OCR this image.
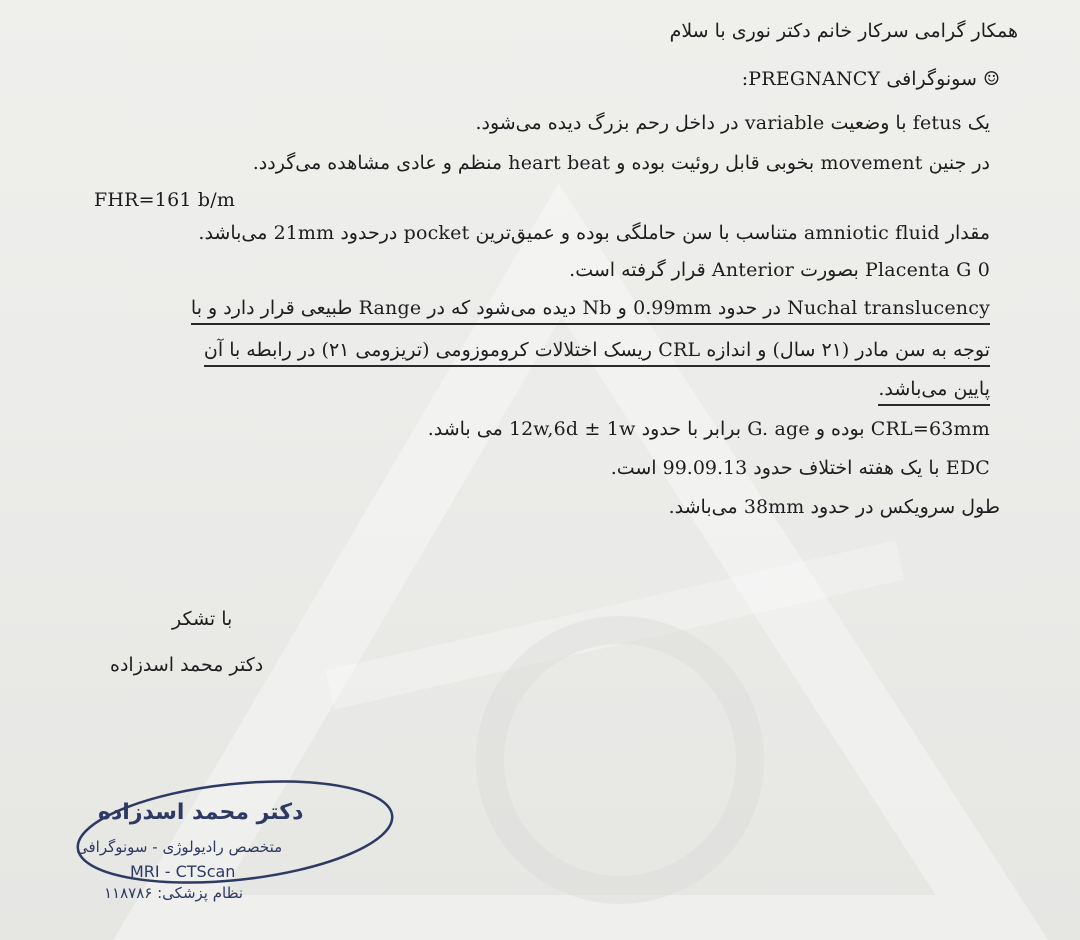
همکار گرامی سرکار خانم دکتر نوری با سلام
☺ سونوگرافی PREGNANCY:
یک fetus با وضعیت variable در داخل رحم بزرگ دیده می‌شود.
در جنین movement بخوبی قابل روئیت بوده و heart beat منظم و عادی مشاهده می‌گردد.
FHR=161 b/m
مقدار amniotic fluid متناسب با سن حاملگی بوده و عمیق‌ترین pocket درحدود 21mm می‌باشد.
Placenta G 0 بصورت Anterior قرار گرفته است.
Nuchal translucency در حدود 0.99mm و Nb دیده می‌شود که در Range طبیعی قرار دارد و با
توجه به سن مادر (۲۱ سال) و اندازه CRL ریسک اختلالات کروموزومی (تریزومی ۲۱) در رابطه با آن
پایین می‌باشد.
CRL=63mm بوده و G. age برابر با حدود 12w,6d ± 1w می باشد.
EDC با یک هفته اختلاف حدود 99.09.13 است.
طول سرویکس در حدود 38mm می‌باشد.
با تشکر
دکتر محمد اسدزاده
دکتر محمد اسدزاده
متخصص رادیولوژی - سونوگرافی
MRI - CTScan
نظام پزشکی: ۱۱۸۷۸۶
